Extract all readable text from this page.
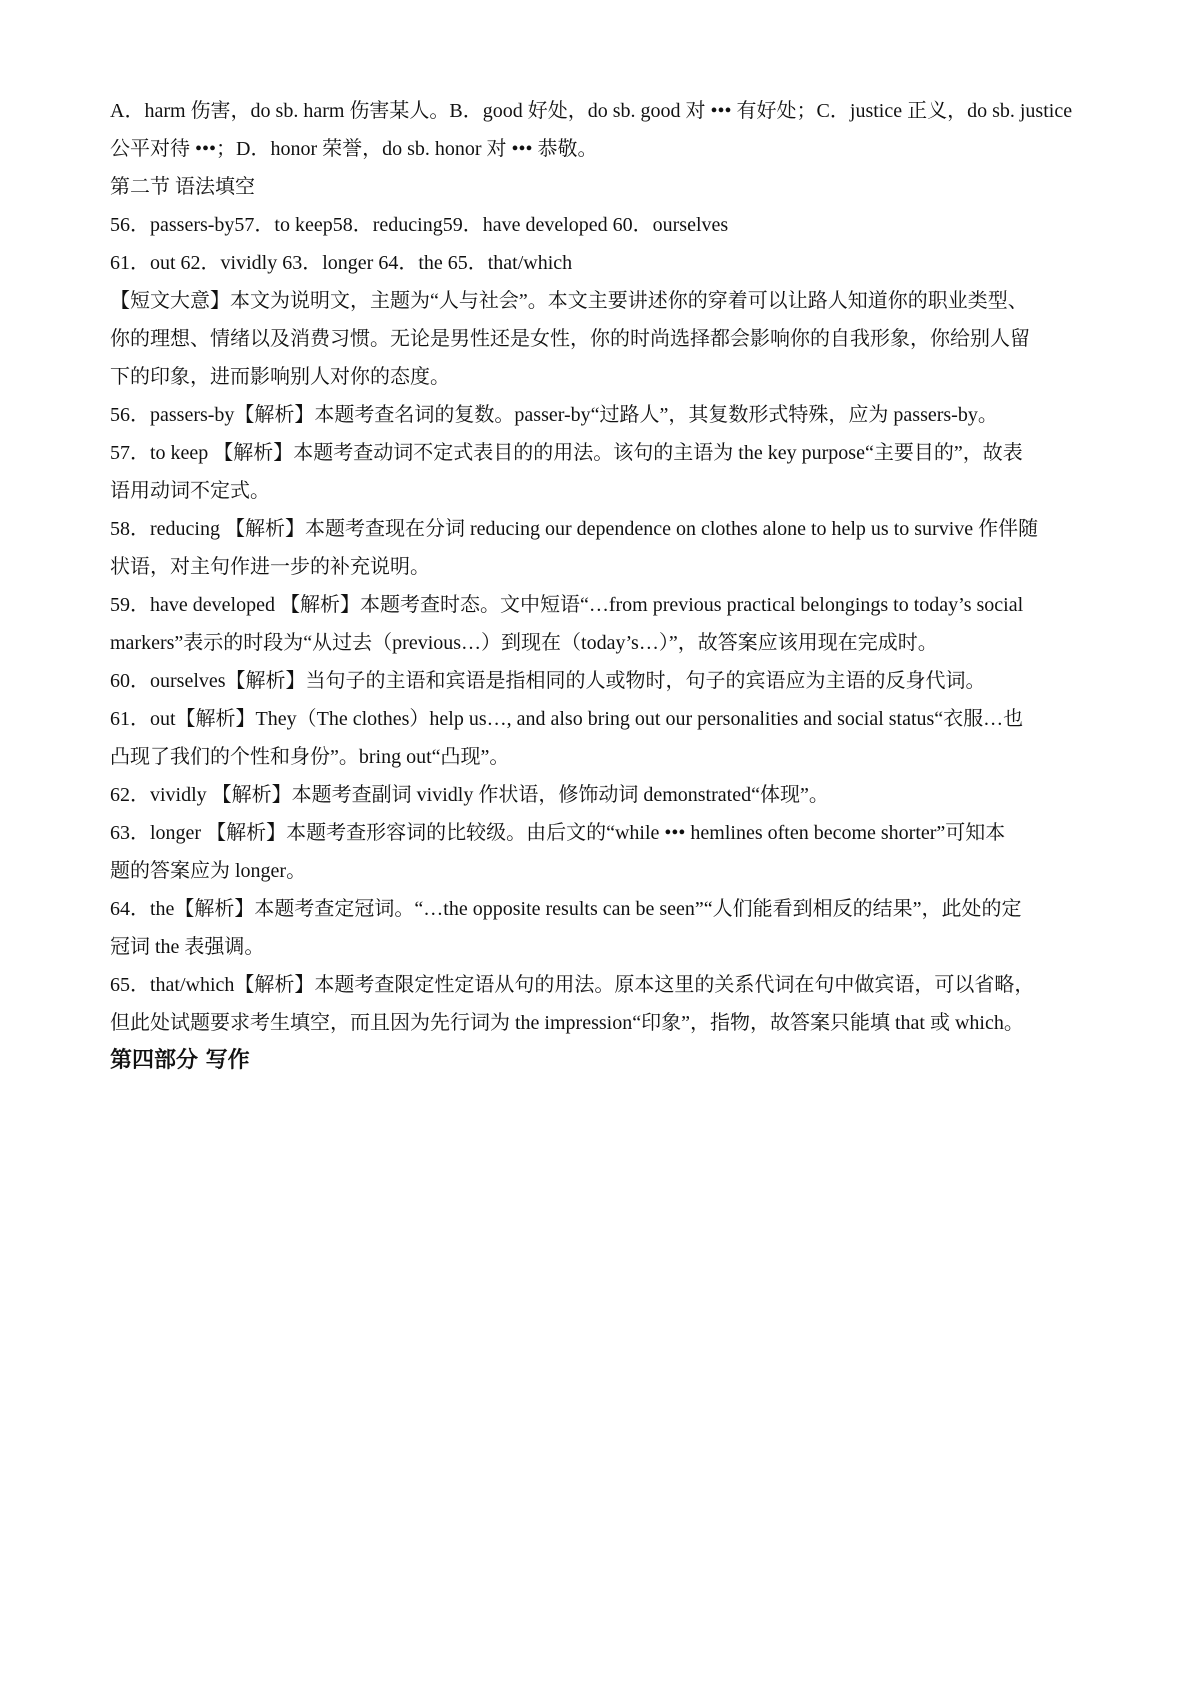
A．harm 伤害，do sb. harm 伤害某人。B．good 好处，do sb. good 对 ••• 有好处；C．justice 正义，do sb. justice
公平对待 •••；D．honor 荣誉，do sb. honor 对 ••• 恭敬。
第二节 语法填空
56．passers-by57．to keep58．reducing59．have developed 60．ourselves
61．out 62．vividly 63．longer 64．the 65．that/which
【短文大意】本文为说明文，主题为“人与社会”。本文主要讲述你的穿着可以让路人知道你的职业类型、
你的理想、情绪以及消费习惯。无论是男性还是女性，你的时尚选择都会影响你的自我形象，你给别人留
下的印象，进而影响别人对你的态度。
56．passers-by【解析】本题考查名词的复数。passer-by“过路人”，其复数形式特殊，应为 passers-by。
57．to keep 【解析】本题考查动词不定式表目的的用法。该句的主语为 the key purpose“主要目的”，故表
语用动词不定式。
58．reducing 【解析】本题考查现在分词 reducing our dependence on clothes alone to help us to survive 作伴随
状语，对主句作进一步的补充说明。
59．have developed 【解析】本题考查时态。文中短语“…from previous practical belongings to today’s social
markers”表示的时段为“从过去（previous…）到现在（today’s…）”，故答案应该用现在完成时。
60．ourselves【解析】当句子的主语和宾语是指相同的人或物时，句子的宾语应为主语的反身代词。
61．out【解析】They（The clothes）help us…, and also bring out our personalities and social status“衣服…也
凸现了我们的个性和身份”。bring out“凸现”。
62．vividly 【解析】本题考查副词 vividly 作状语，修饰动词 demonstrated“体现”。
63．longer 【解析】本题考查形容词的比较级。由后文的“while ••• hemlines often become shorter”可知本
题的答案应为 longer。
64．the【解析】本题考查定冠词。“…the opposite results can be seen”“人们能看到相反的结果”，此处的定
冠词 the 表强调。
65．that/which【解析】本题考查限定性定语从句的用法。原本这里的关系代词在句中做宾语，可以省略，
但此处试题要求考生填空，而且因为先行词为 the impression“印象”，指物，故答案只能填 that 或 which。
第四部分 写作
